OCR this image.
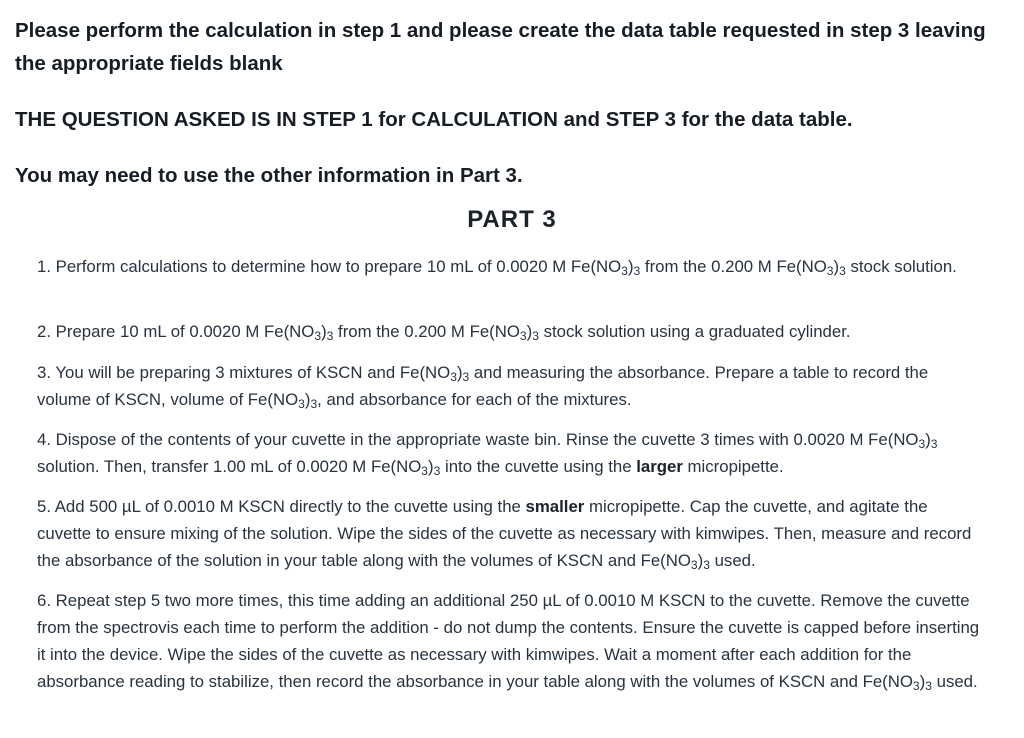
Please perform the calculation in step 1 and please create the data table requested in step 3 leaving the appropriate fields blank

THE QUESTION ASKED IS IN STEP 1 for CALCULATION and STEP 3 for the data table.

You may need to use the other information in Part 3.

PART 3

1. Perform calculations to determine how to prepare 10 mL of 0.0020 M $Fe(NO_3)_3$ from the 0.200 M $Fe(NO_3)_3$ stock solution.

2. Prepare 10 mL of 0.0020 M $Fe(NO_3)_3$ from the 0.200 M $Fe(NO_3)_3$ stock solution using a graduated cylinder.

3. You will be preparing 3 mixtures of KSCN and $Fe(NO_3)_3$ and measuring the absorbance. Prepare a table to record the volume of KSCN, volume of $Fe(NO_3)_3$, and absorbance for each of the mixtures.

4. Dispose of the contents of your cuvette in the appropriate waste bin. Rinse the cuvette 3 times with 0.0020 M $Fe(NO_3)_3$ solution. Then, transfer 1.00 mL of 0.0020 M $Fe(NO_3)_3$ into the cuvette using the larger micropipette.

5. Add 500 µL of 0.0010 M KSCN directly to the cuvette using the smaller micropipette. Cap the cuvette, and agitate the cuvette to ensure mixing of the solution. Wipe the sides of the cuvette as necessary with kimwipes. Then, measure and record the absorbance of the solution in your table along with the volumes of KSCN and $Fe(NO_3)_3$ used.

6. Repeat step 5 two more times, this time adding an additional 250 µL of 0.0010 M KSCN to the cuvette. Remove the cuvette from the spectrovis each time to perform the addition - do not dump the contents. Ensure the cuvette is capped before inserting it into the device. Wipe the sides of the cuvette as necessary with kimwipes. Wait a moment after each addition for the absorbance reading to stabilize, then record the absorbance in your table along with the volumes of KSCN and $Fe(NO_3)_3$ used.
